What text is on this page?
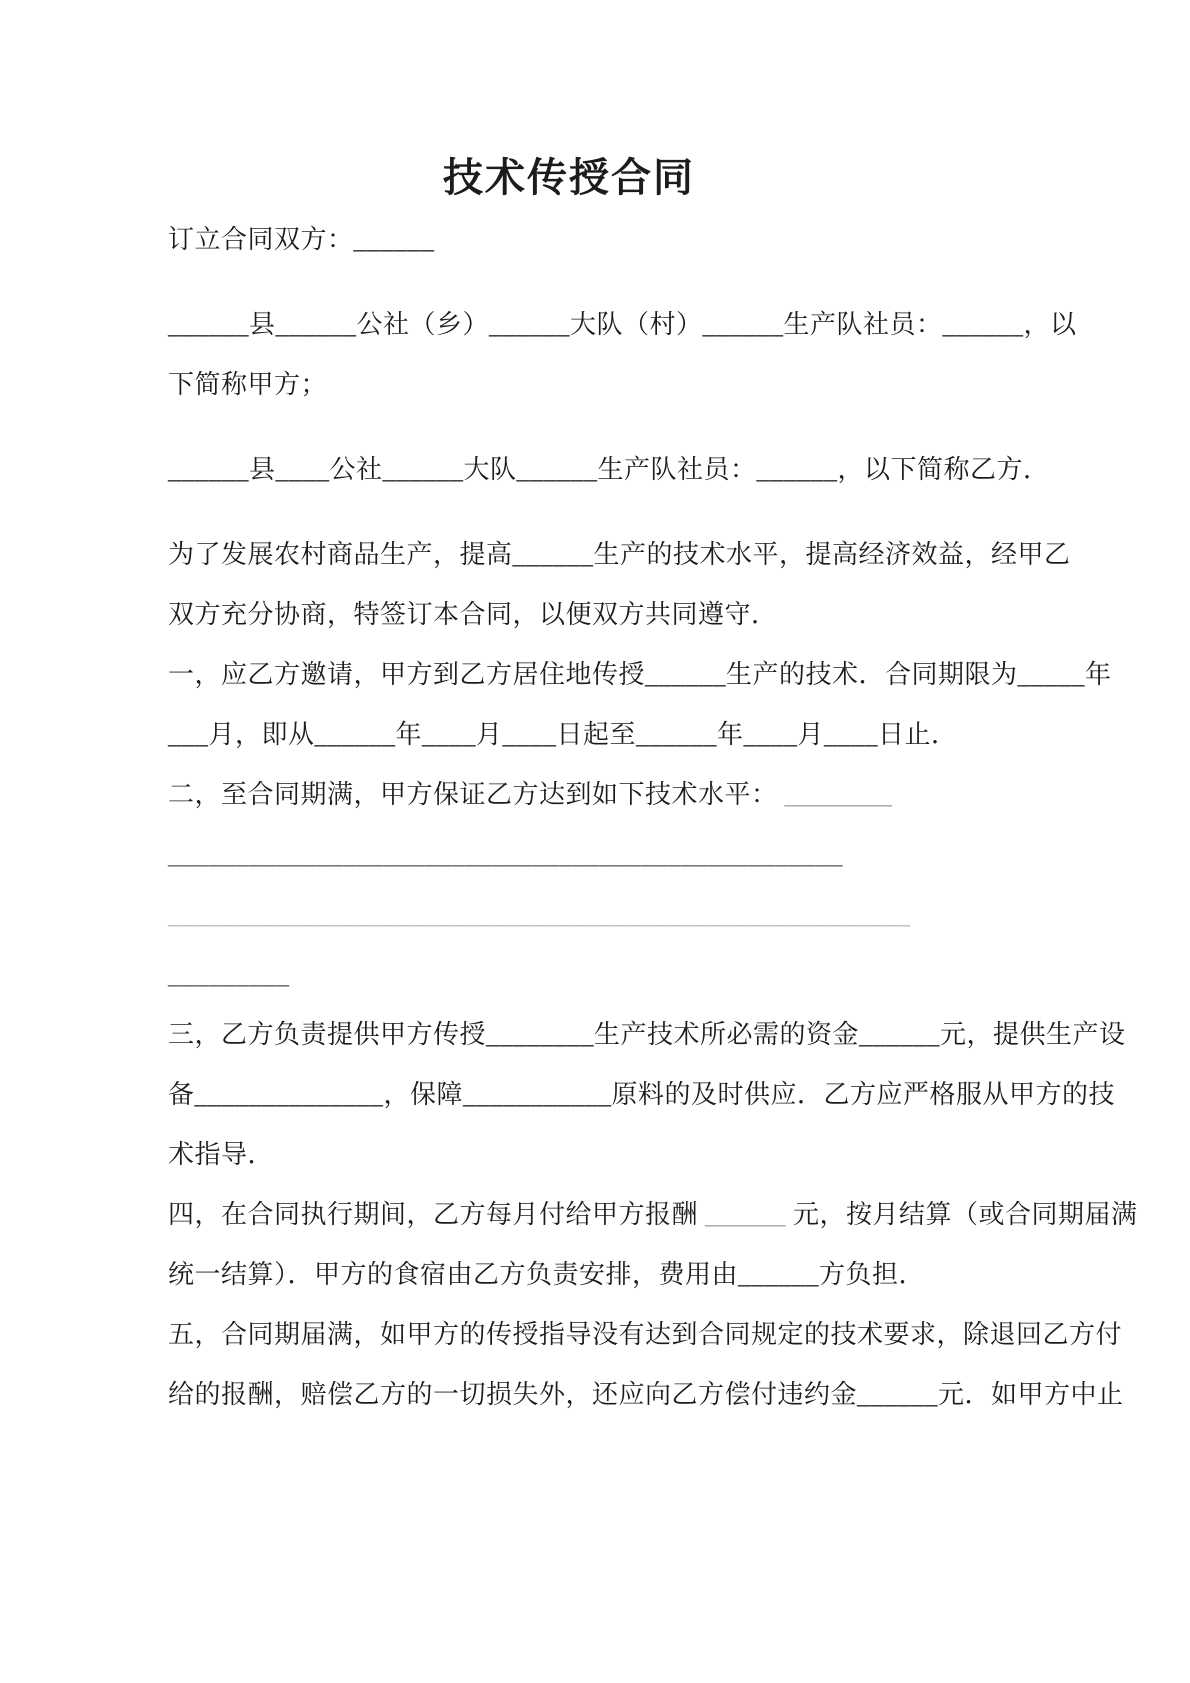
技术传授合同
订立合同双方：______
______县______公社（乡）______大队（村）______生产队社员：______，以
下简称甲方；
______县____公社______大队______生产队社员：______，以下简称乙方．
为了发展农村商品生产，提高______生产的技术水平，提高经济效益，经甲乙
双方充分协商，特签订本合同，以便双方共同遵守．
一，应乙方邀请，甲方到乙方居住地传授______生产的技术．合同期限为_____年
___月，即从______年____月____日起至______年____月____日止．
二，至合同期满，甲方保证乙方达到如下技术水平： ________
__________________________________________________
_______________________________________________________
_________
三，乙方负责提供甲方传授________生产技术所必需的资金______元，提供生产设
备______________，保障___________原料的及时供应．乙方应严格服从甲方的技
术指导．
四，在合同执行期间，乙方每月付给甲方报酬 ______ 元，按月结算（或合同期届满
统一结算）．甲方的食宿由乙方负责安排，费用由______方负担．
五，合同期届满，如甲方的传授指导没有达到合同规定的技术要求，除退回乙方付
给的报酬，赔偿乙方的一切损失外，还应向乙方偿付违约金______元．如甲方中止
